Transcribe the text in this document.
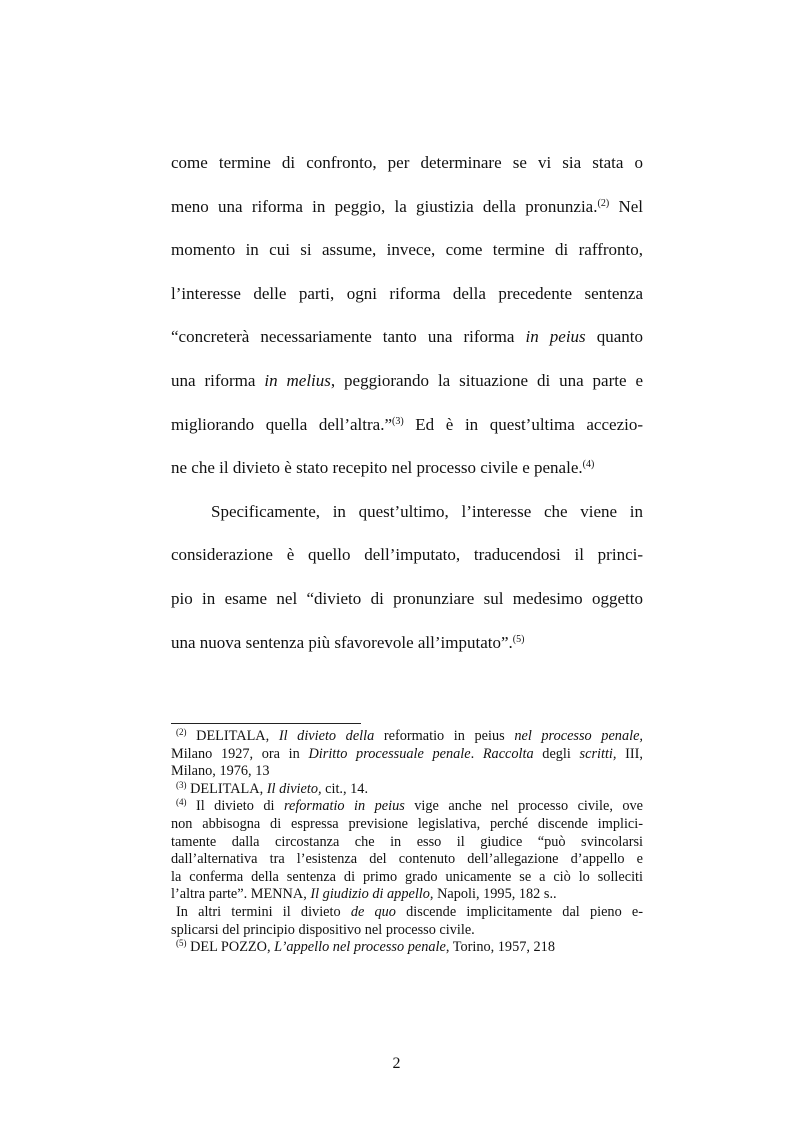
come termine di confronto, per determinare se vi sia stata o
meno una riforma in peggio, la giustizia della pronunzia.$^{(2)}$ Nel
momento in cui si assume, invece, come termine di raffronto,
l’interesse delle parti, ogni riforma della precedente sentenza
“concreterà necessariamente tanto una riforma in peius quanto
una riforma in melius, peggiorando la situazione di una parte e
migliorando quella dell’altra.”$^{(3)}$ Ed è in quest’ultima accezio-
ne che il divieto è stato recepito nel processo civile e penale.$^{(4)}$
Specificamente, in quest’ultimo, l’interesse che viene in
considerazione è quello dell’imputato, traducendosi il princi-
pio in esame nel “divieto di pronunziare sul medesimo oggetto
una nuova sentenza più sfavorevole all’imputato”.$^{(5)}$
$^{(2)}$ DELITALA, Il divieto della reformatio in peius nel processo penale,
Milano 1927, ora in Diritto processuale penale. Raccolta degli scritti, III,
Milano, 1976, 13
$^{(3)}$ DELITALA, Il divieto, cit., 14.
$^{(4)}$ Il divieto di reformatio in peius vige anche nel processo civile, ove
non abbisogna di espressa previsione legislativa, perché discende implici-
tamente dalla circostanza che in esso il giudice “può svincolarsi
dall’alternativa tra l’esistenza del contenuto dell’allegazione d’appello e
la conferma della sentenza di primo grado unicamente se a ciò lo solleciti
l’altra parte”. MENNA, Il giudizio di appello, Napoli, 1995, 182 s..
In altri termini il divieto de quo discende implicitamente dal pieno e-
splicarsi del principio dispositivo nel processo civile.
$^{(5)}$ DEL POZZO, L’appello nel processo penale, Torino, 1957, 218
2
